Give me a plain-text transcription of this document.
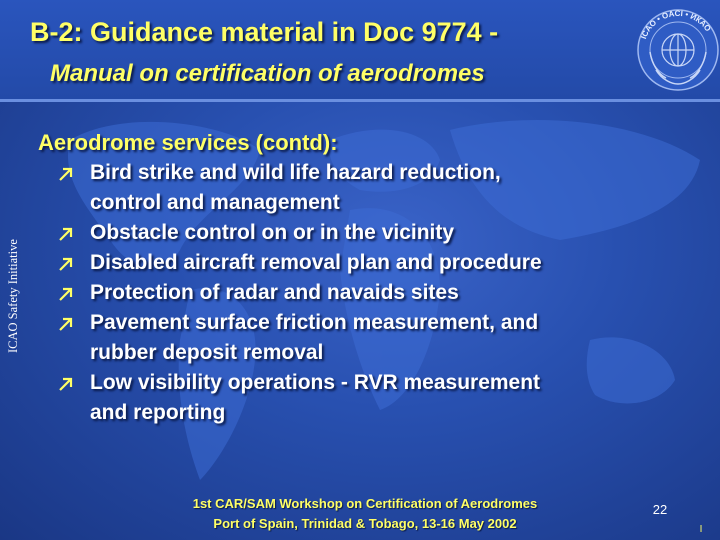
ICAO • OACI • ИКАО
B-2: Guidance material in Doc 9774 -
Manual on certification of aerodromes
ICAO Safety Initiative
Aerodrome services (contd):
Bird strike and wild life hazard reduction,
control and management
Obstacle control on or in the vicinity
Disabled aircraft removal plan and procedure
Protection of radar and navaids sites
Pavement surface friction measurement, and
rubber deposit removal
Low visibility operations - RVR measurement
and reporting
1st CAR/SAM Workshop on Certification of Aerodromes
Port of Spain, Trinidad & Tobago, 13-16 May 2002
22
I
